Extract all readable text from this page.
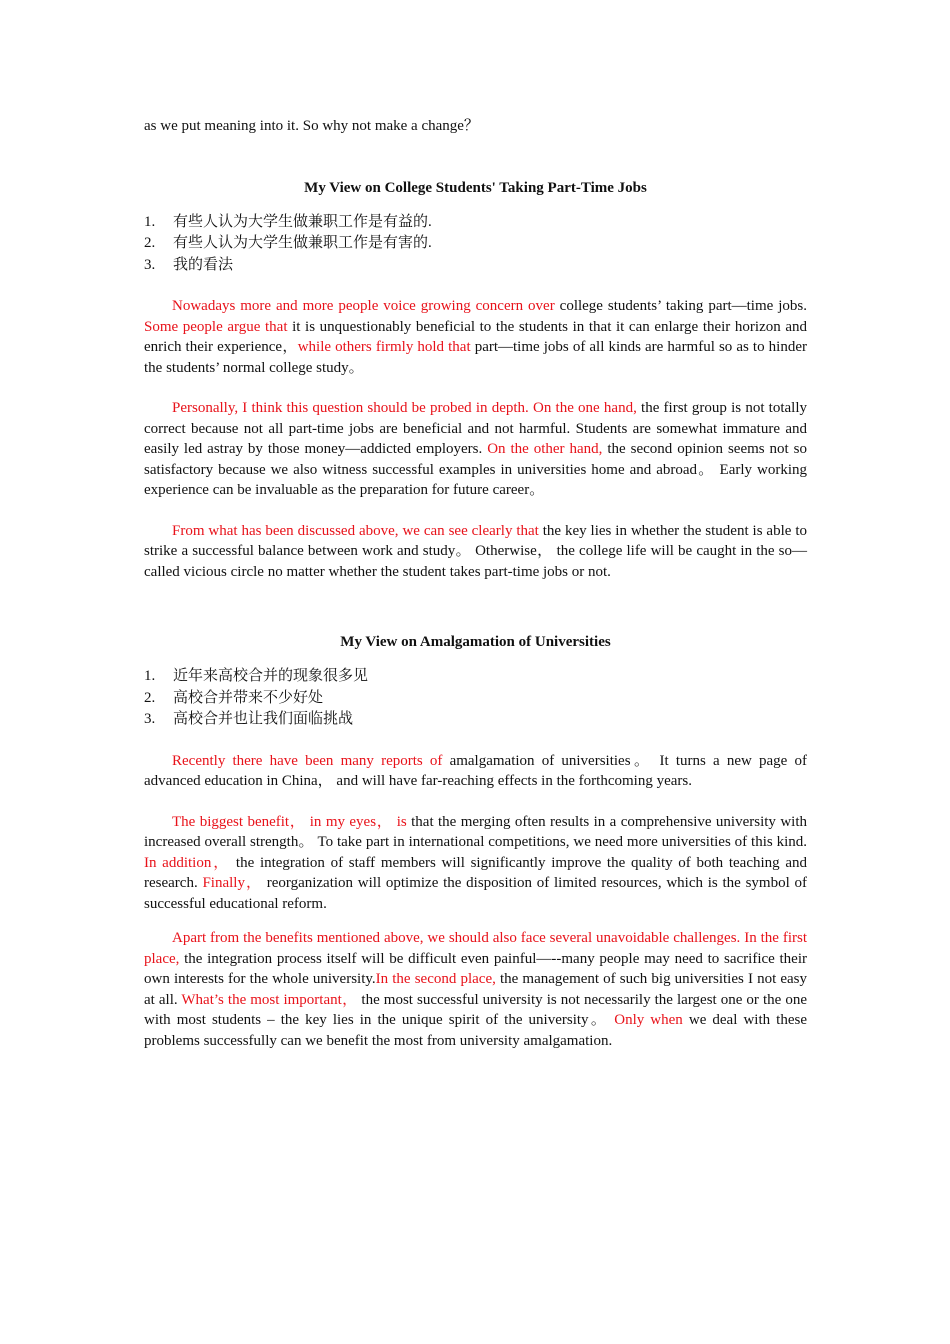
as we put meaning into it. So why not make a change？

My View on College Students' Taking Part-Time Jobs
1.	有些人认为大学生做兼职工作是有益的.
2.	有些人认为大学生做兼职工作是有害的.
3.	我的看法

Nowadays more and more people voice growing concern over college students’ taking part—time jobs. Some people argue that it is unquestionably beneficial to the students in that it can enlarge their horizon and enrich their experience，while others firmly hold that part—time jobs of all kinds are harmful so as to hinder the students’ normal college study。

Personally, I think this question should be probed in depth. On the one hand, the first group is not totally correct because not all part-time jobs are beneficial and not harmful. Students are somewhat immature and easily led astray by those money—addicted employers. On the other hand, the second opinion seems not so satisfactory because we also witness successful examples in universities home and abroad。 Early working experience can be invaluable as the preparation for future career。

From what has been discussed above, we can see clearly that the key lies in whether the student is able to strike a successful balance between work and study。 Otherwise， the college life will be caught in the so—called vicious circle no matter whether the student takes part-time jobs or not.

My View on Amalgamation of Universities
1.	近年来高校合并的现象很多见
2.	高校合并带来不少好处
3.	高校合并也让我们面临挑战

Recently there have been many reports of amalgamation of universities。 It turns a new page of advanced education in China， and will have far-reaching effects in the forthcoming years.

The biggest benefit， in my eyes， is that the merging often results in a comprehensive university with increased overall strength。 To take part in international competitions, we need more universities of this kind. In addition， the integration of staff members will significantly improve the quality of both teaching and research. Finally， reorganization will optimize the disposition of limited resources, which is the symbol of successful educational reform.

Apart from the benefits mentioned above, we should also face several unavoidable challenges. In the first place, the integration process itself will be difficult even painful—--many people may need to sacrifice their own interests for the whole university.In the second place, the management of such big universities I not easy at all. What’s the most important， the most successful university is not necessarily the largest one or the one with most students – the key lies in the unique spirit of the university。 Only when we deal with these problems successfully can we benefit the most from university amalgamation.
